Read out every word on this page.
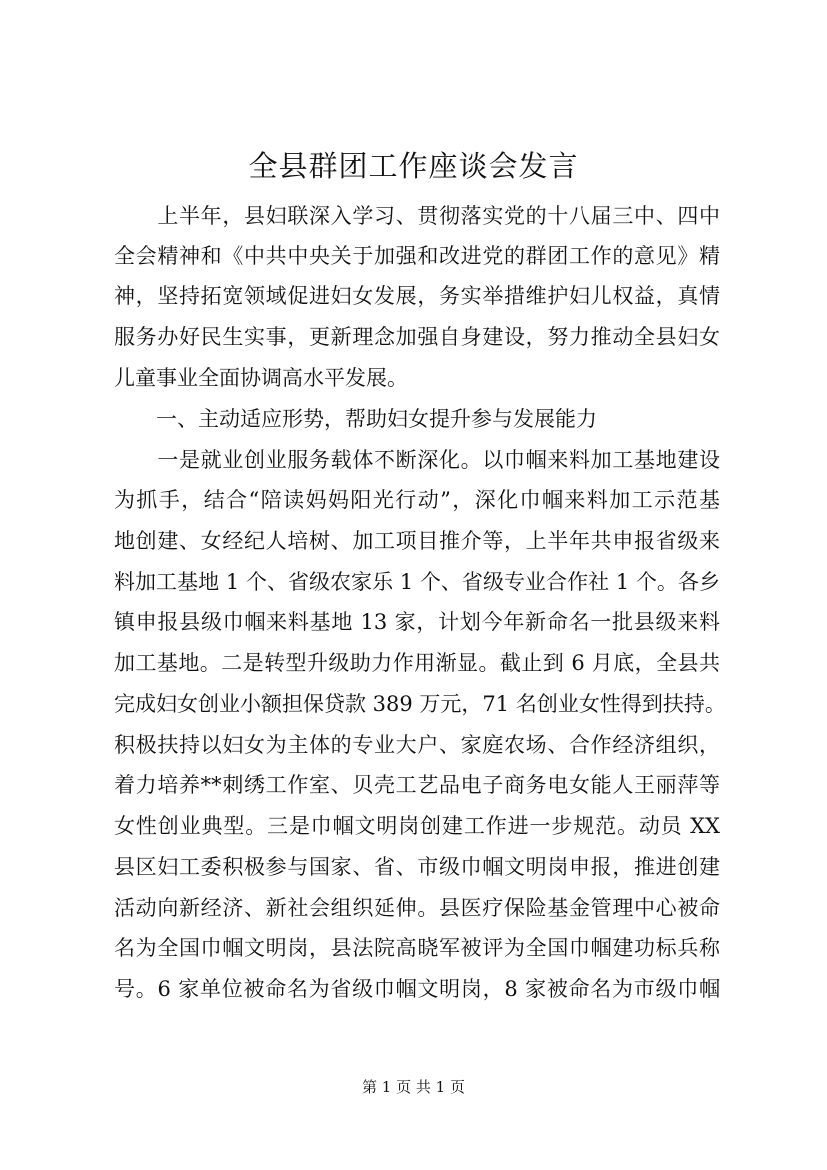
全县群团工作座谈会发言
　　上半年，县妇联深入学习、贯彻落实党的十八届三中、四中
全会精神和《中共中央关于加强和改进党的群团工作的意见》精
神，坚持拓宽领域促进妇女发展，务实举措维护妇儿权益，真情
服务办好民生实事，更新理念加强自身建设，努力推动全县妇女
儿童事业全面协调高水平发展。
　　一、主动适应形势，帮助妇女提升参与发展能力
　　一是就业创业服务载体不断深化。以巾帼来料加工基地建设
为抓手，结合“陪读妈妈阳光行动”，深化巾帼来料加工示范基
地创建、女经纪人培树、加工项目推介等，上半年共申报省级来
料加工基地 1 个、省级农家乐 1 个、省级专业合作社 1 个。各乡
镇申报县级巾帼来料基地 13 家，计划今年新命名一批县级来料
加工基地。二是转型升级助力作用渐显。截止到 6 月底，全县共
完成妇女创业小额担保贷款 389 万元，71 名创业女性得到扶持。
积极扶持以妇女为主体的专业大户、家庭农场、合作经济组织，
着力培养**刺绣工作室、贝壳工艺品电子商务电女能人王丽萍等
女性创业典型。三是巾帼文明岗创建工作进一步规范。动员 XX
县区妇工委积极参与国家、省、市级巾帼文明岗申报，推进创建
活动向新经济、新社会组织延伸。县医疗保险基金管理中心被命
名为全国巾帼文明岗，县法院高晓军被评为全国巾帼建功标兵称
号。6 家单位被命名为省级巾帼文明岗，8 家被命名为市级巾帼
第 1 页 共 1 页
